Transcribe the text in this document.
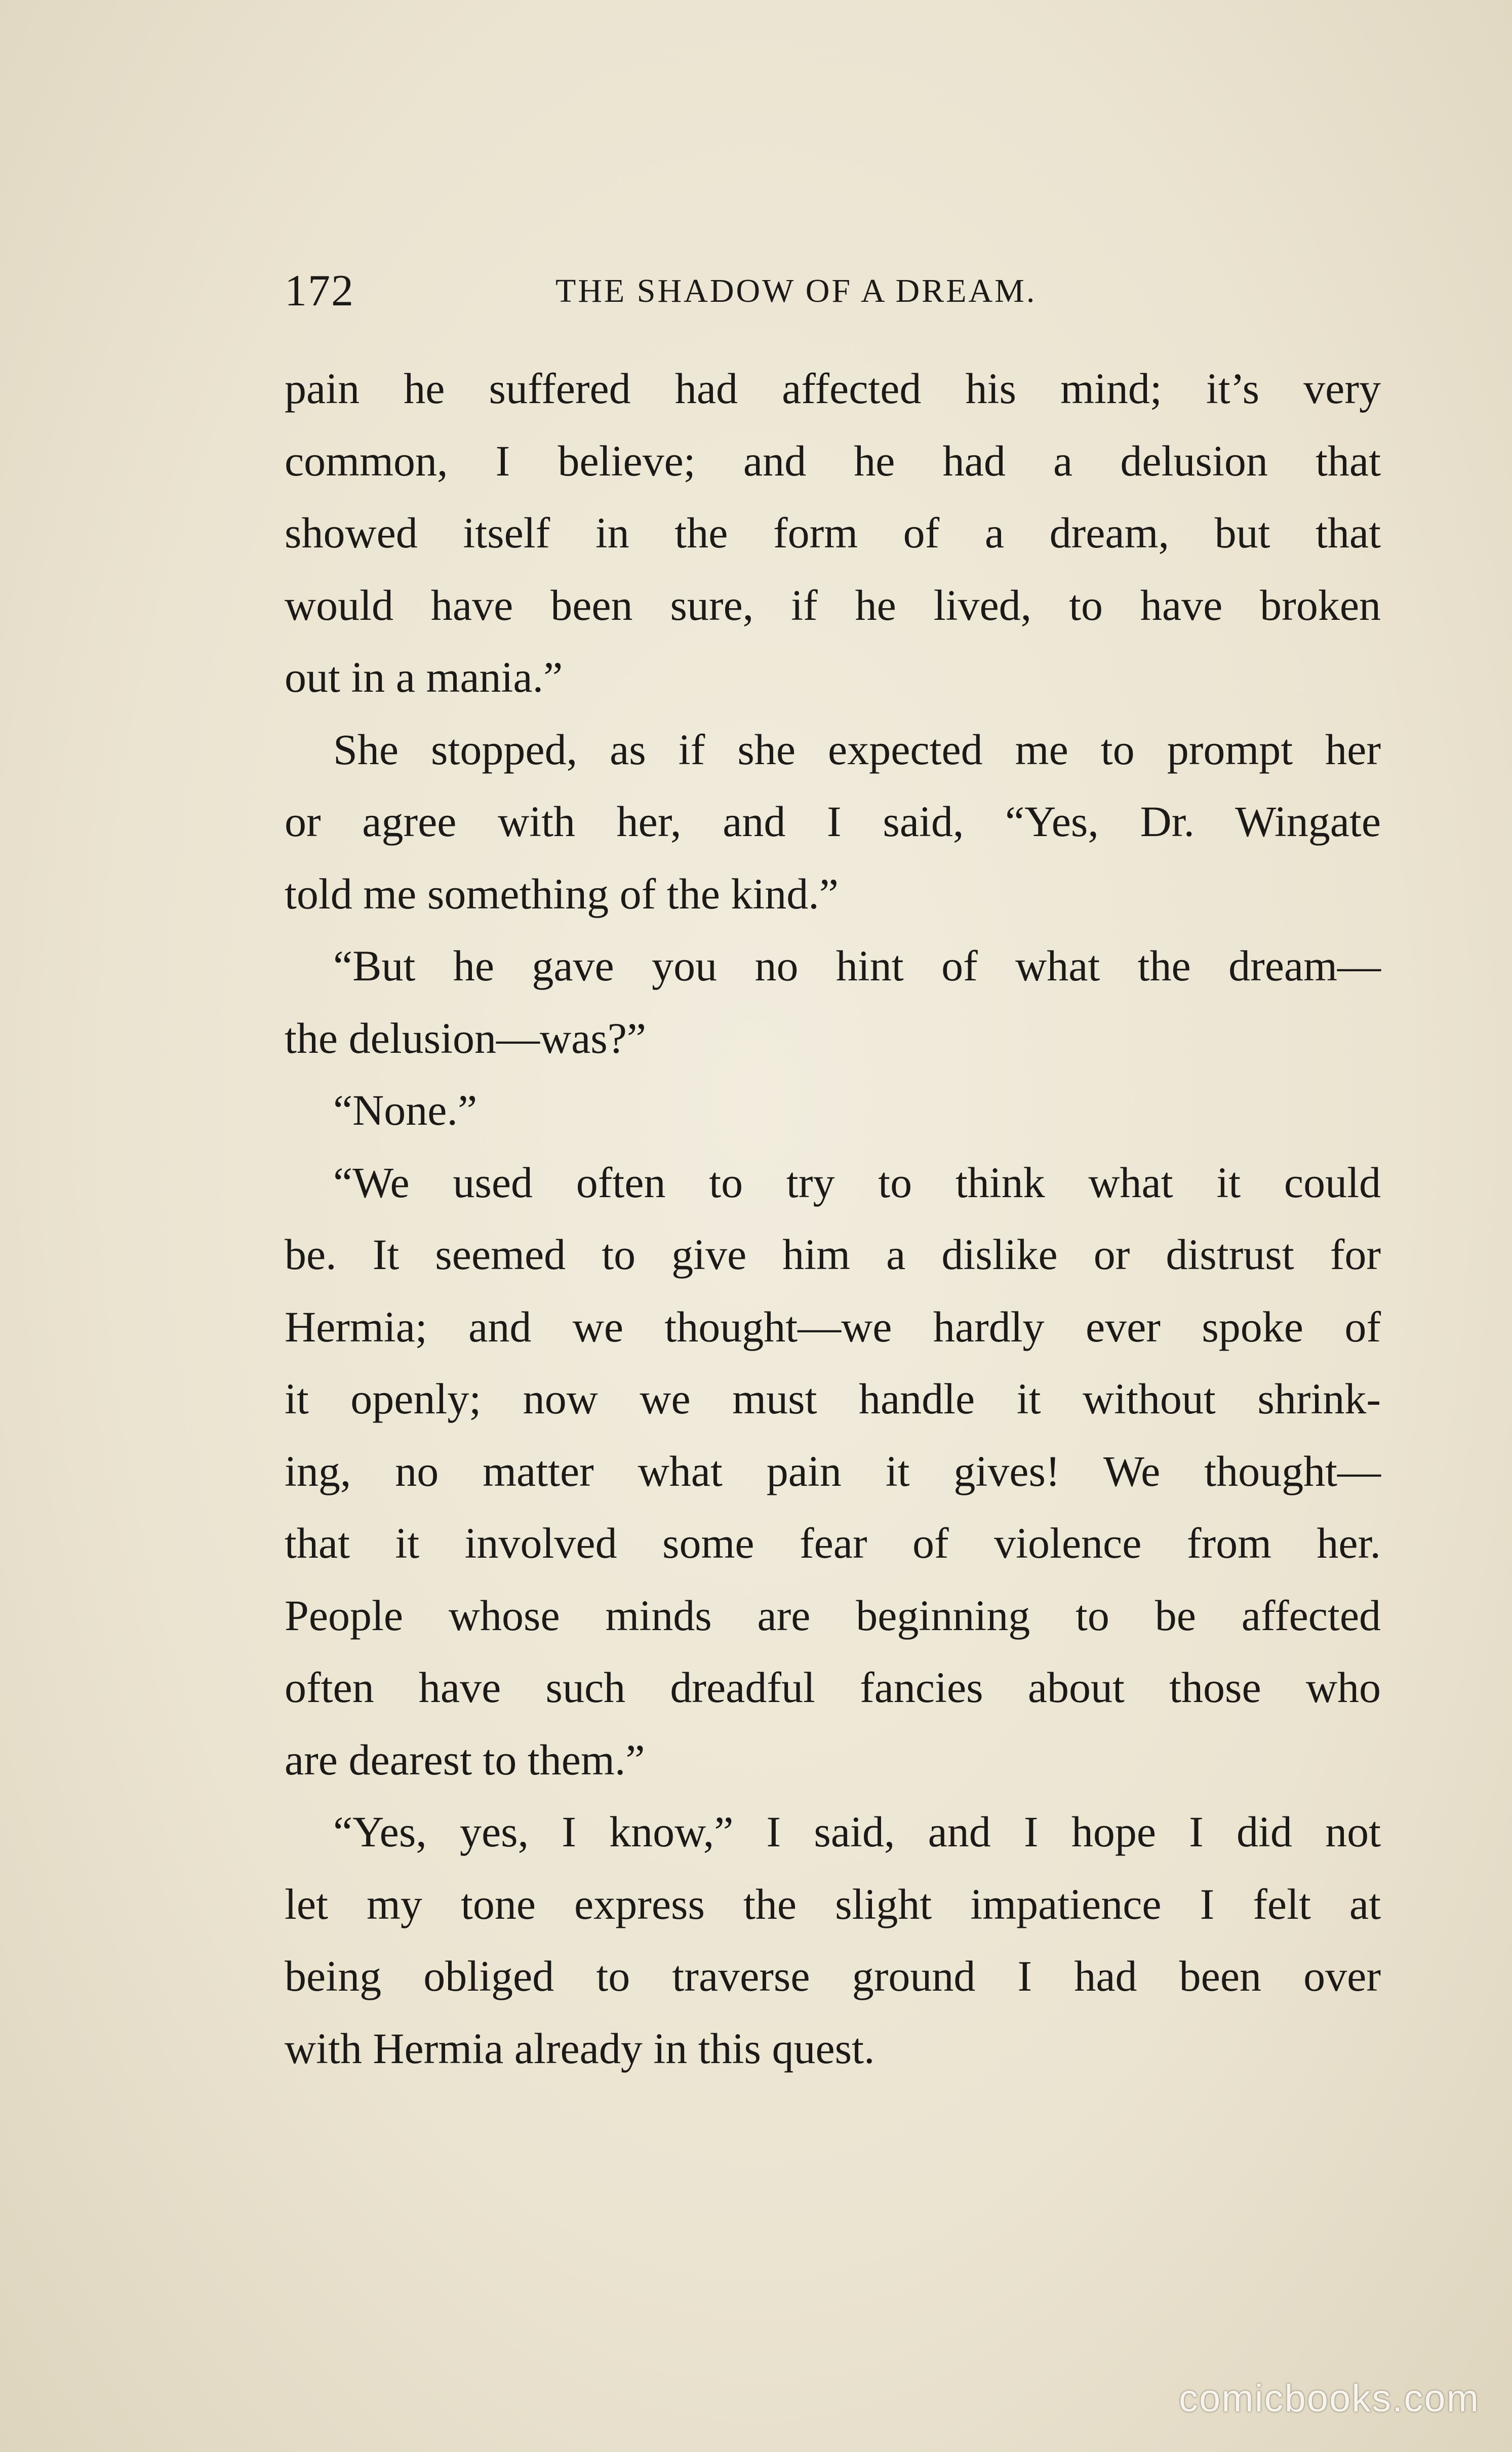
172	THE SHADOW OF A DREAM.
pain he suffered had affected his mind; it’s very
common, I believe; and he had a delusion that
showed itself in the form of a dream, but that
would have been sure, if he lived, to have broken
out in a mania.”
She stopped, as if she expected me to prompt her
or agree with her, and I said, “Yes, Dr. Wingate
told me something of the kind.”
“But he gave you no hint of what the dream—
the delusion—was?”
“None.”
“We used often to try to think what it could
be. It seemed to give him a dislike or distrust for
Hermia; and we thought—we hardly ever spoke of
it openly; now we must handle it without shrink-
ing, no matter what pain it gives! We thought—
that it involved some fear of violence from her.
People whose minds are beginning to be affected
often have such dreadful fancies about those who
are dearest to them.”
“Yes, yes, I know,” I said, and I hope I did not
let my tone express the slight impatience I felt at
being obliged to traverse ground I had been over
with Hermia already in this quest.
comicbooks.com
